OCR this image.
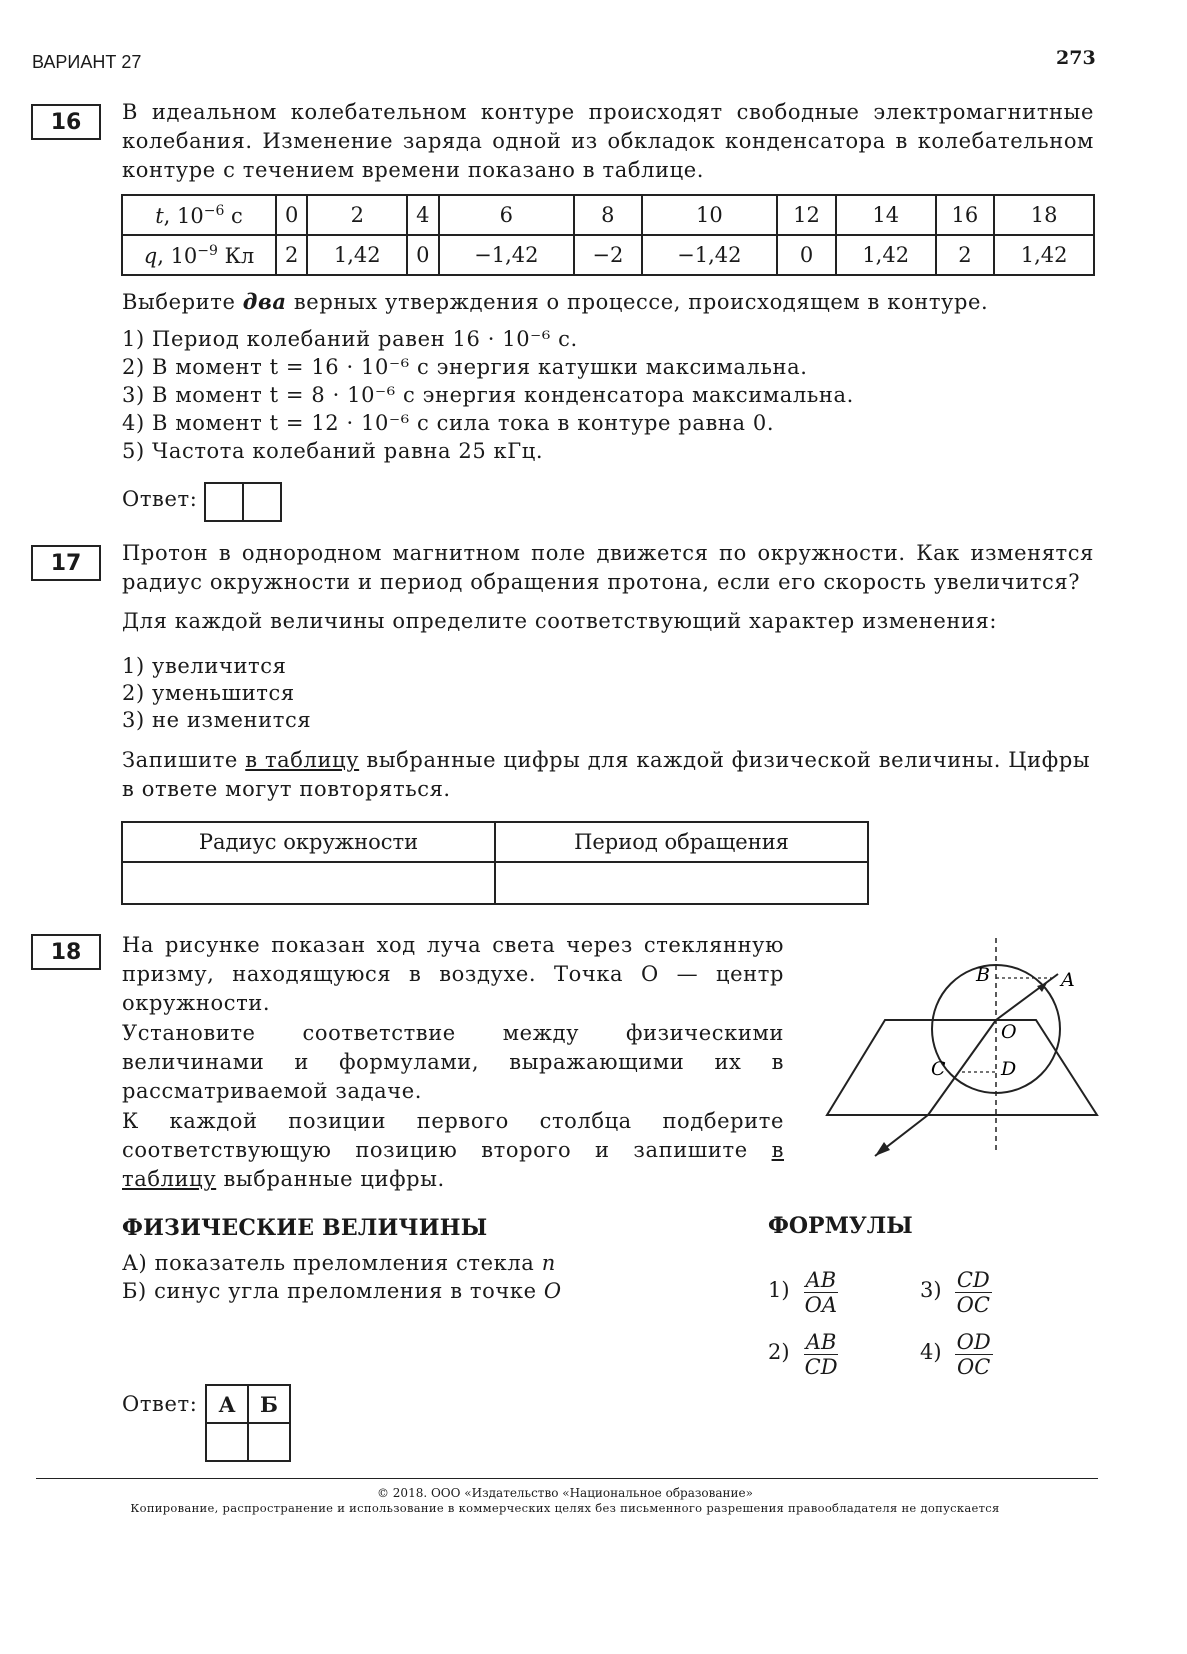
ВАРИАНТ 27	273
16	В идеальном колебательном контуре происходят свободные электромагнитные колебания. Изменение заряда одной из обкладок конденсатора в колебательном контуре с течением времени показано в таблице.
t, $10^{-6}$ с	0	2	4	6	8	10	12	14	16	18
q, $10^{-9}$ Кл	2	1,42	0	−1,42	−2	−1,42	0	1,42	2	1,42
Выберите два верных утверждения о процессе, происходящем в контуре.
1) Период колебаний равен 16 · 10⁻⁶ с.
2) В момент t = 16 · 10⁻⁶ с энергия катушки максимальна.
3) В момент t = 8 · 10⁻⁶ с энергия конденсатора максимальна.
4) В момент t = 12 · 10⁻⁶ с сила тока в контуре равна 0.
5) Частота колебаний равна 25 кГц.
Ответ:

17	Протон в однородном магнитном поле движется по окружности. Как изменятся радиус окружности и период обращения протона, если его скорость увеличится?
Для каждой величины определите соответствующий характер изменения:
1) увеличится
2) уменьшится
3) не изменится
Запишите в таблицу выбранные цифры для каждой физической величины. Цифры в ответе могут повторяться.
Радиус окружности	Период обращения

18	На рисунке показан ход луча света через стеклянную призму, находящуюся в воздухе. Точка O — центр окружности.
Установите соответствие между физическими величинами и формулами, выражающими их в рассматриваемой задаче.
К каждой позиции первого столбца подберите соответствующую позицию второго и запишите в таблицу выбранные цифры.
B	A
O
C	D
ФИЗИЧЕСКИЕ ВЕЛИЧИНЫ
А) показатель преломления стекла n
Б) синус угла преломления в точке O
ФОРМУЛЫ
$1) \frac{AB}{OA}$
$2) \frac{AB}{CD}$
$3) \frac{CD}{OC}$
$4) \frac{OD}{OC}$
Ответ: А	Б

© 2018. ООО «Издательство «Национальное образование»
Копирование, распространение и использование в коммерческих целях без письменного разрешения правообладателя не допускается
